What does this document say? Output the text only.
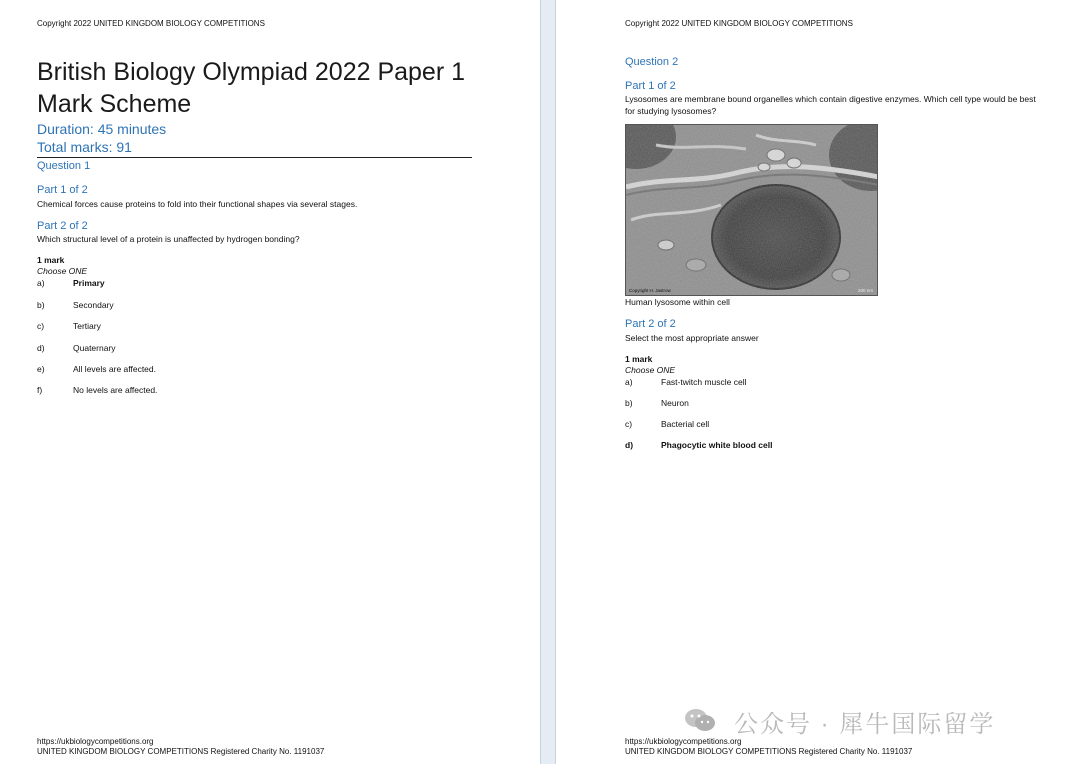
Copyright 2022 UNITED KINGDOM BIOLOGY COMPETITIONS
British Biology Olympiad 2022 Paper 1 Mark Scheme
Duration: 45 minutes
Total marks: 91
Question 1
Part 1 of 2
Chemical forces cause proteins to fold into their functional shapes via several stages.
Part 2 of 2
Which structural level of a protein is unaffected by hydrogen bonding?
1 mark
Choose ONE
a)	Primary
b)	Secondary
c)	Tertiary
d)	Quaternary
e)	All levels are affected.
f)	No levels are affected.
https://ukbiologycompetitions.org
UNITED KINGDOM BIOLOGY COMPETITIONS Registered Charity No. 1191037
Copyright 2022 UNITED KINGDOM BIOLOGY COMPETITIONS
Question 2
Part 1 of 2
Lysosomes are membrane bound organelles which contain digestive enzymes. Which cell type would be best
for studying lysosomes?
Copyright H. Jastrow	200 nm
Human lysosome within cell
Part 2 of 2
Select the most appropriate answer
1 mark
Choose ONE
a)	Fast-twitch muscle cell
b)	Neuron
c)	Bacterial cell
d)	Phagocytic white blood cell
https://ukbiologycompetitions.org
UNITED KINGDOM BIOLOGY COMPETITIONS Registered Charity No. 1191037
公众号 · 犀牛国际留学
